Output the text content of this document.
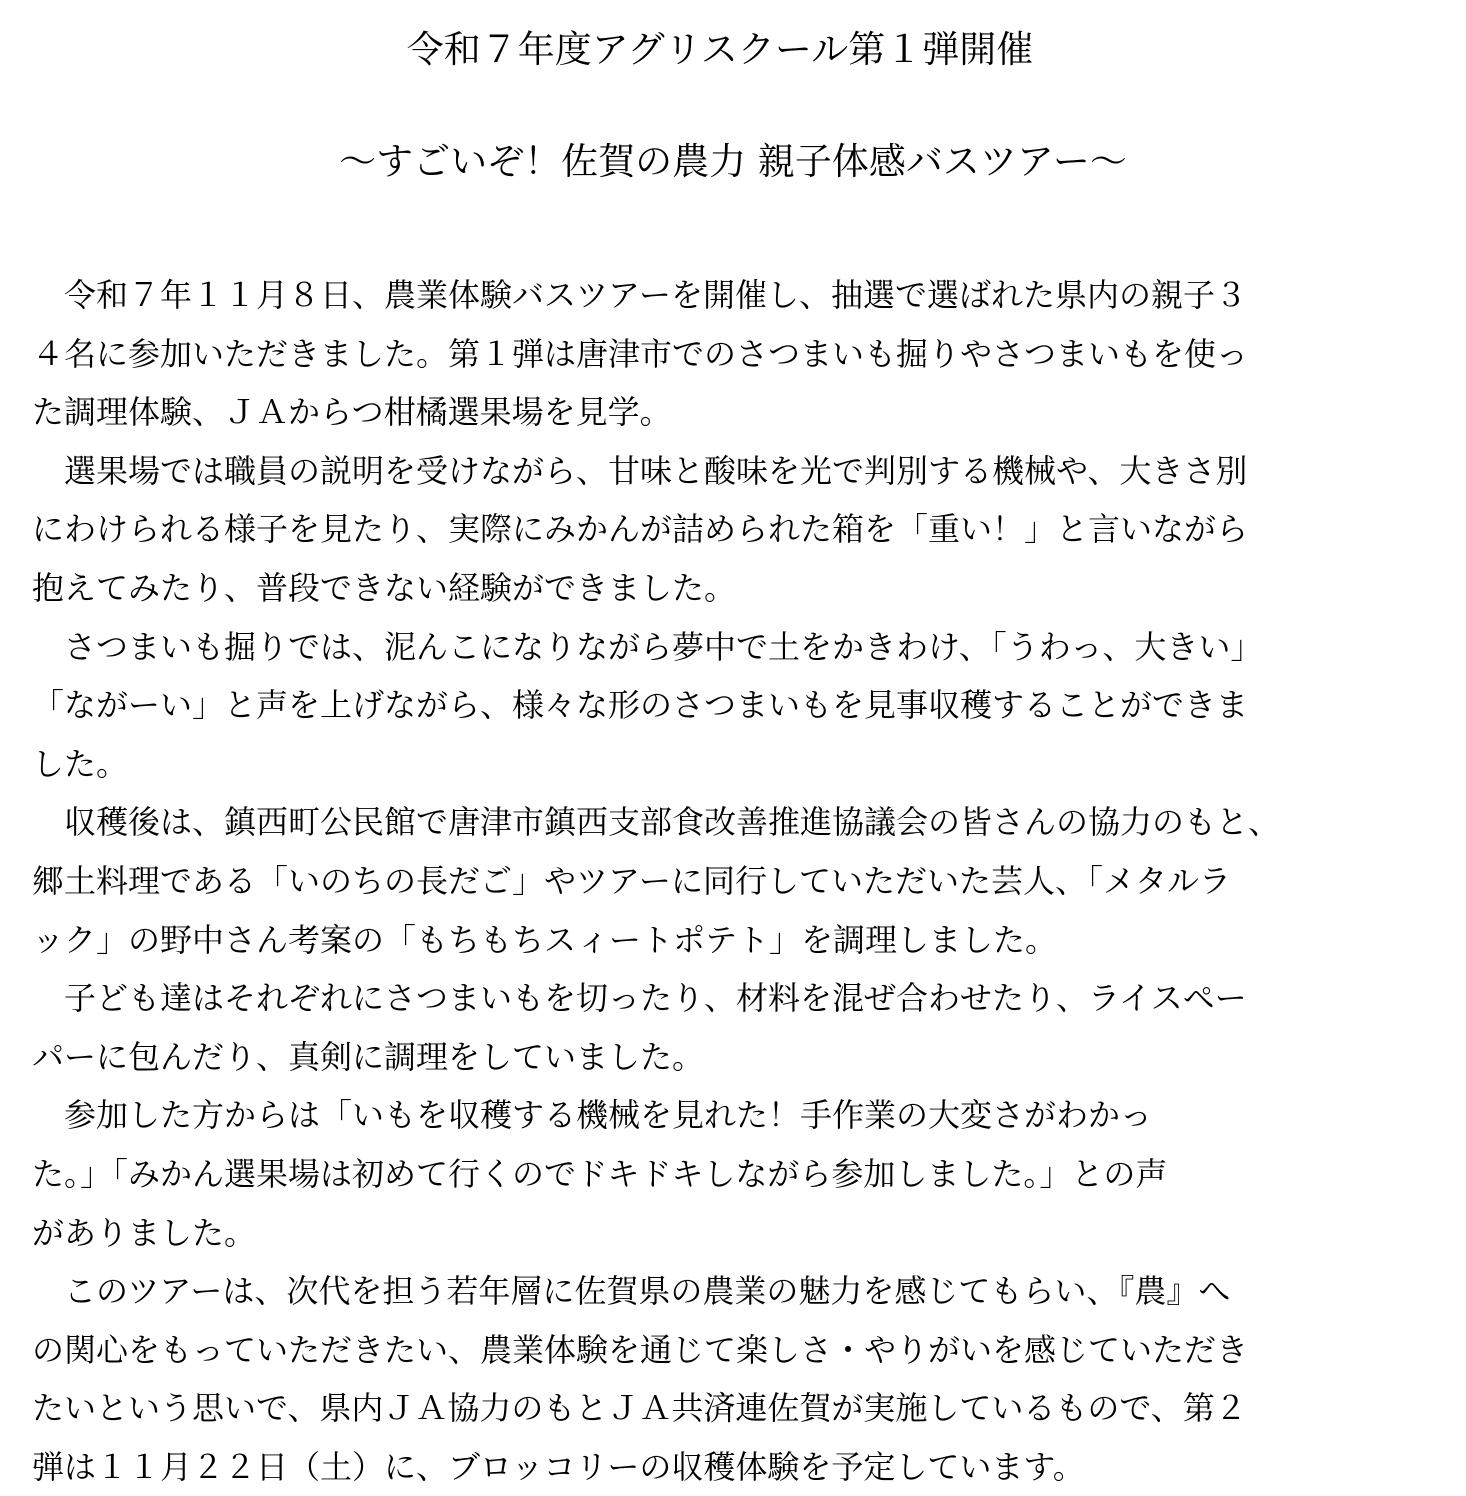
令和７年度アグリスクール第１弾開催
～すごいぞ！佐賀の農力 親子体感バスツアー～
　令和７年１１月８日、農業体験バスツアーを開催し、抽選で選ばれた県内の親子３
４名に参加いただきました。第１弾は唐津市でのさつまいも掘りやさつまいもを使っ
た調理体験、ＪＡからつ柑橘選果場を見学。
　選果場では職員の説明を受けながら、甘味と酸味を光で判別する機械や、大きさ別
にわけられる様子を見たり、実際にみかんが詰められた箱を「重い！」と言いながら
抱えてみたり、普段できない経験ができました。
　さつまいも掘りでは、泥んこになりながら夢中で土をかきわけ、「うわっ、大きい」
「ながーい」と声を上げながら、様々な形のさつまいもを見事収穫することができま
した。
　収穫後は、鎮西町公民館で唐津市鎮西支部食改善推進協議会の皆さんの協力のもと、
郷土料理である「いのちの長だご」やツアーに同行していただいた芸人、「メタルラ
ック」の野中さん考案の「もちもちスィートポテト」を調理しました。
　子ども達はそれぞれにさつまいもを切ったり、材料を混ぜ合わせたり、ライスペー
パーに包んだり、真剣に調理をしていました。
　参加した方からは「いもを収穫する機械を見れた！手作業の大変さがわかっ
た。」「みかん選果場は初めて行くのでドキドキしながら参加しました。」との声
がありました。
　このツアーは、次代を担う若年層に佐賀県の農業の魅力を感じてもらい、『農』へ
の関心をもっていただきたい、農業体験を通じて楽しさ・やりがいを感じていただき
たいという思いで、県内ＪＡ協力のもとＪＡ共済連佐賀が実施しているもので、第２
弾は１１月２２日（土）に、ブロッコリーの収穫体験を予定しています。
